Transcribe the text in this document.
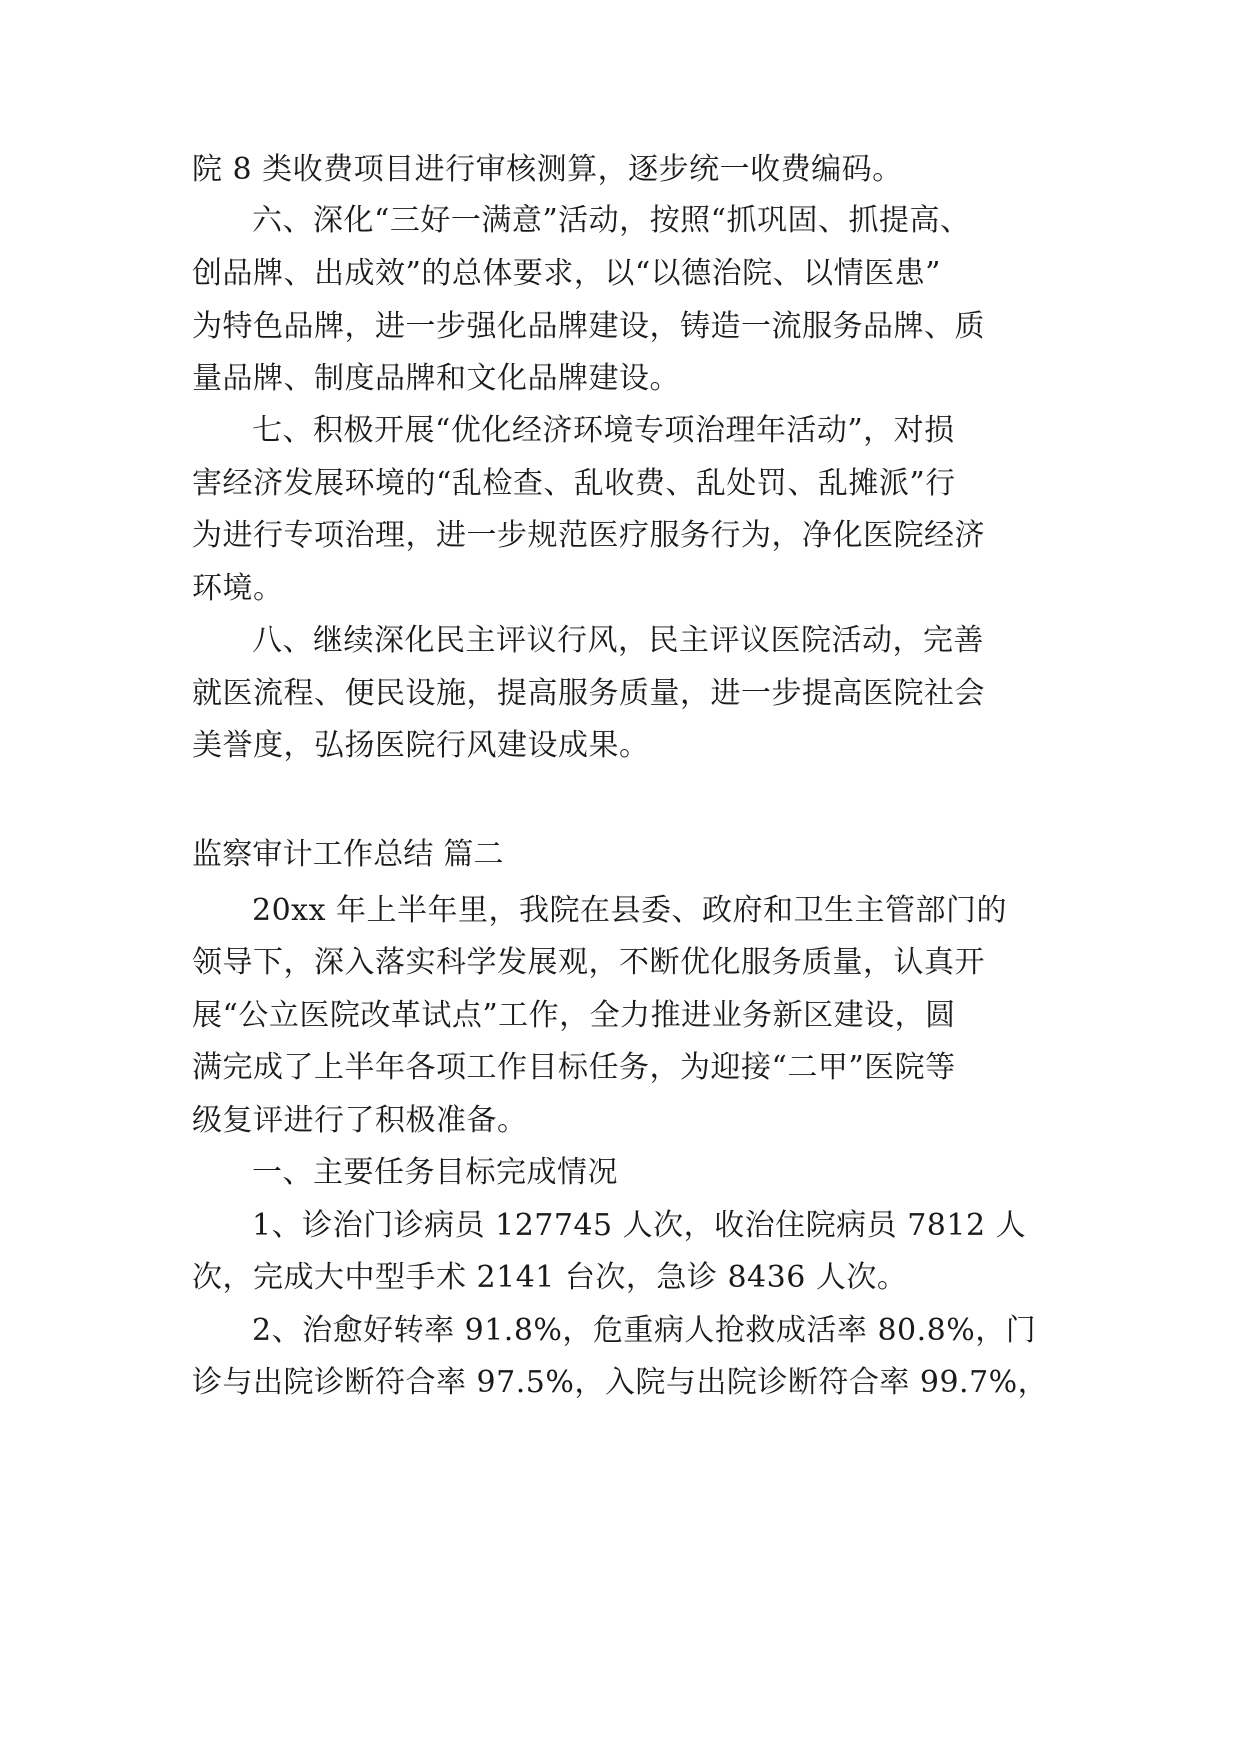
院 8 类收费项目进行审核测算，逐步统一收费编码。
六、深化“三好一满意”活动，按照“抓巩固、抓提高、
创品牌、出成效”的总体要求，以“以德治院、以情医患”
为特色品牌，进一步强化品牌建设，铸造一流服务品牌、质
量品牌、制度品牌和文化品牌建设。
七、积极开展“优化经济环境专项治理年活动”，对损
害经济发展环境的“乱检查、乱收费、乱处罚、乱摊派”行
为进行专项治理，进一步规范医疗服务行为，净化医院经济
环境。
八、继续深化民主评议行风，民主评议医院活动，完善
就医流程、便民设施，提高服务质量，进一步提高医院社会
美誉度，弘扬医院行风建设成果。
监察审计工作总结 篇二
20xx 年上半年里，我院在县委、政府和卫生主管部门的
领导下，深入落实科学发展观，不断优化服务质量，认真开
展“公立医院改革试点”工作，全力推进业务新区建设，圆
满完成了上半年各项工作目标任务，为迎接“二甲”医院等
级复评进行了积极准备。
一、主要任务目标完成情况
1、诊治门诊病员 127745 人次，收治住院病员 7812 人
次，完成大中型手术 2141 台次，急诊 8436 人次。
2、治愈好转率 91.8%，危重病人抢救成活率 80.8%，门
诊与出院诊断符合率 97.5%，入院与出院诊断符合率 99.7%，
